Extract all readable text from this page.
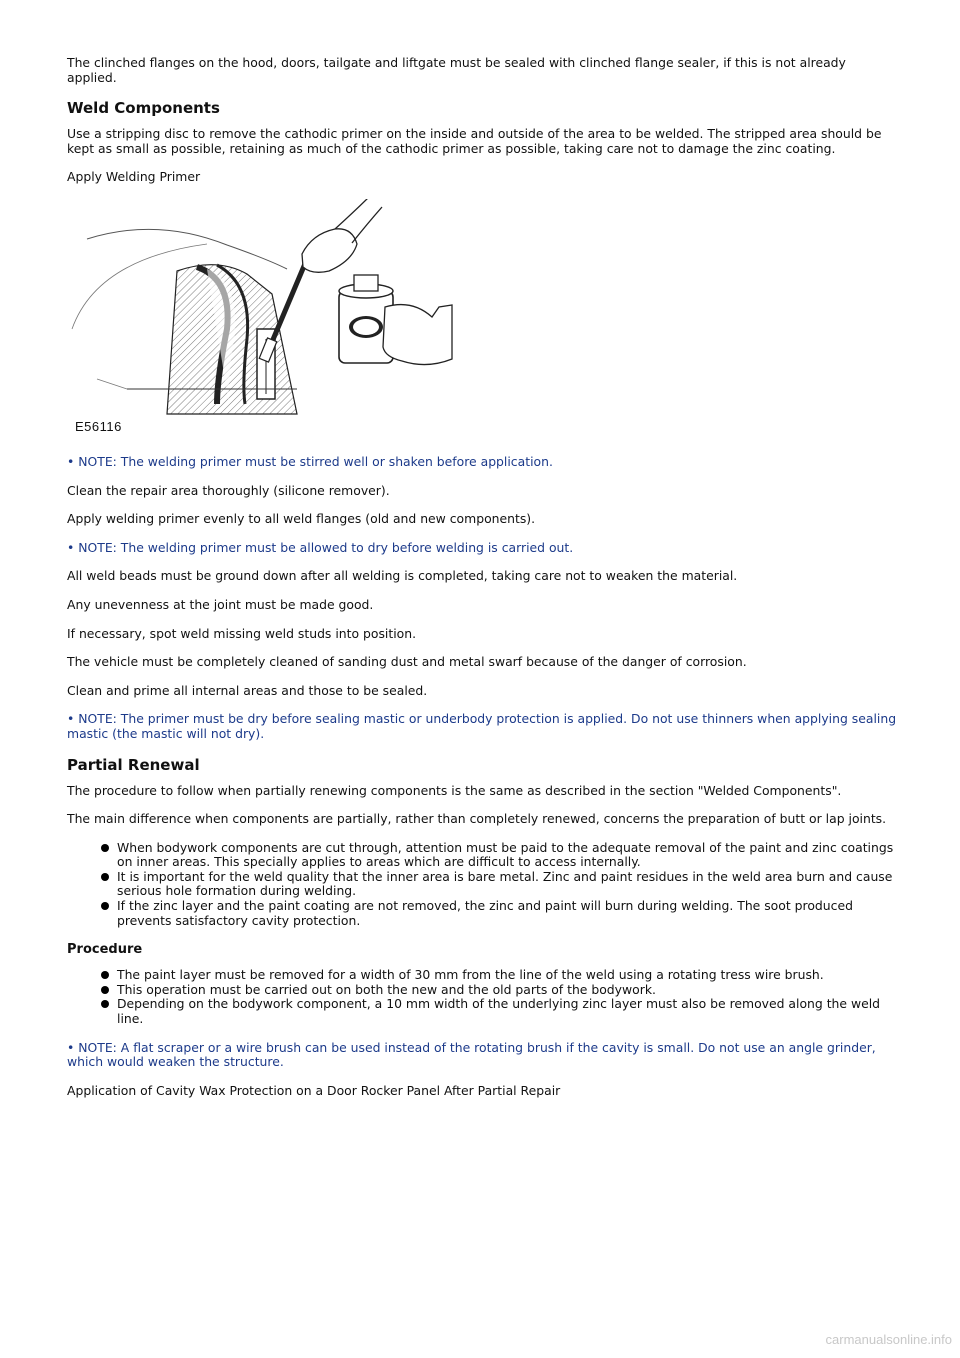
The clinched flanges on the hood, doors, tailgate and liftgate must be sealed with clinched flange sealer, if this is not already applied.

Weld Components

Use a stripping disc to remove the cathodic primer on the inside and outside of the area to be welded. The stripped area should be kept as small as possible, retaining as much of the cathodic primer as possible, taking care not to damage the zinc coating.

Apply Welding Primer

E56116

• NOTE: The welding primer must be stirred well or shaken before application.

Clean the repair area thoroughly (silicone remover).

Apply welding primer evenly to all weld flanges (old and new components).

• NOTE: The welding primer must be allowed to dry before welding is carried out.

All weld beads must be ground down after all welding is completed, taking care not to weaken the material.

Any unevenness at the joint must be made good.

If necessary, spot weld missing weld studs into position.

The vehicle must be completely cleaned of sanding dust and metal swarf because of the danger of corrosion.

Clean and prime all internal areas and those to be sealed.

• NOTE: The primer must be dry before sealing mastic or underbody protection is applied. Do not use thinners when applying sealing mastic (the mastic will not dry).

Partial Renewal

The procedure to follow when partially renewing components is the same as described in the section "Welded Components".

The main difference when components are partially, rather than completely renewed, concerns the preparation of butt or lap joints.

When bodywork components are cut through, attention must be paid to the adequate removal of the paint and zinc coatings on inner areas. This specially applies to areas which are difficult to access internally.
It is important for the weld quality that the inner area is bare metal. Zinc and paint residues in the weld area burn and cause serious hole formation during welding.
If the zinc layer and the paint coating are not removed, the zinc and paint will burn during welding. The soot produced prevents satisfactory cavity protection.
Procedure
The paint layer must be removed for a width of 30 mm from the line of the weld using a rotating tress wire brush.
This operation must be carried out on both the new and the old parts of the bodywork.
Depending on the bodywork component, a 10 mm width of the underlying zinc layer must also be removed along the weld line.

• NOTE: A flat scraper or a wire brush can be used instead of the rotating brush if the cavity is small. Do not use an angle grinder, which would weaken the structure.

Application of Cavity Wax Protection on a Door Rocker Panel After Partial Repair

carmanualsonline.info
